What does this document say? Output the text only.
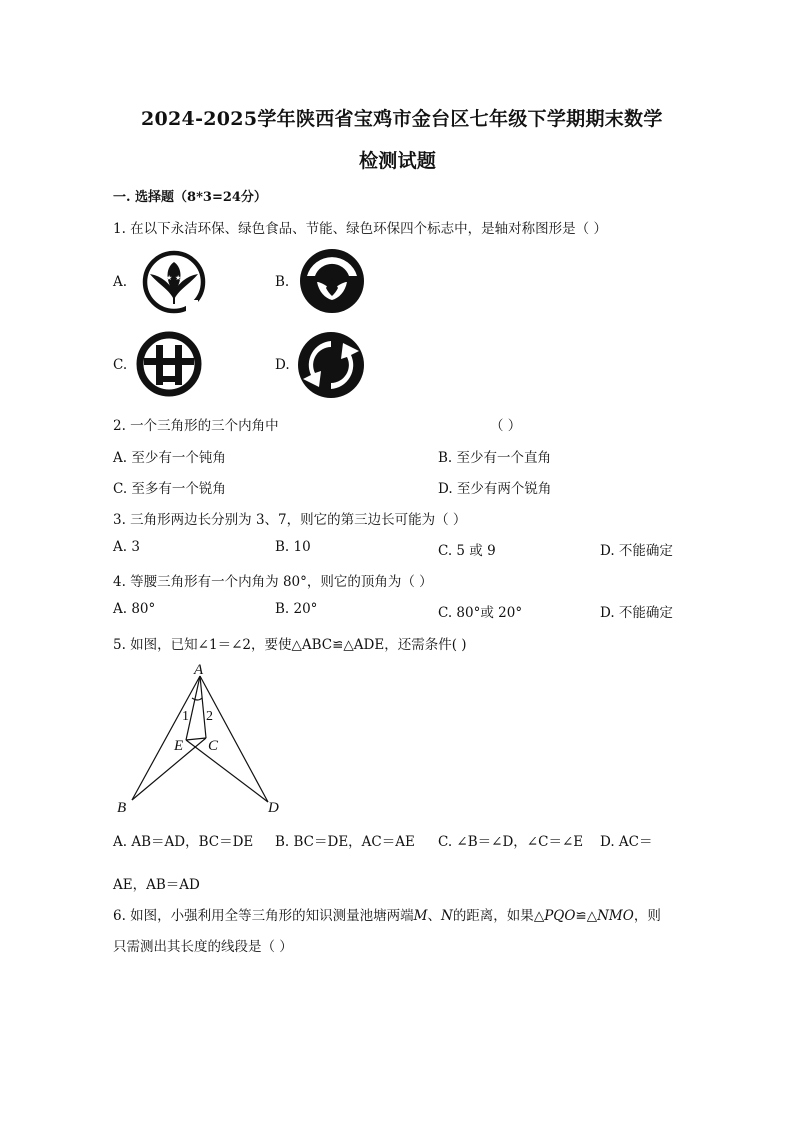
2024-2025学年陕西省宝鸡市金台区七年级下学期期末数学
检测试题
一. 选择题（8*3=24分）
1. 在以下永洁环保、绿色食品、节能、绿色环保四个标志中，是轴对称图形是（ ）
A.	★ ★	B.
C.	D.
2. 一个三角形的三个内角中	（ ）
A. 至少有一个钝角	B. 至少有一个直角
C. 至多有一个锐角	D. 至少有两个锐角
3. 三角形两边长分别为 3、7，则它的第三边长可能为（ ）
A. 3	B. 10	C. 5 或 9	D. 不能确定
4. 等腰三角形有一个内角为 80°，则它的顶角为（ ）
A. 80°	B. 20°	C. 80°或 20°	D. 不能确定
5. 如图，已知∠1＝∠2，要使△ABC≌△ADE，还需条件( )
A
B
C
D
E
1 2
A. AB＝AD，BC＝DE B. BC＝DE，AC＝AE C. ∠B＝∠D，∠C＝∠E D. AC＝
AE，AB＝AD
6. 如图，小强利用全等三角形的知识测量池塘两端M、N的距离，如果△PQO≌△NMO，则
只需测出其长度的线段是（ ）
